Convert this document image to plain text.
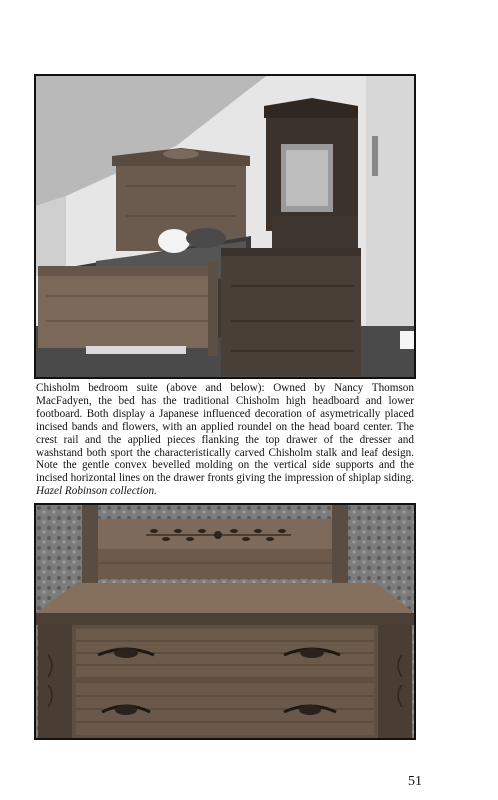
Chisholm bedroom suite (above and below): Owned by Nancy Thomson MacFadyen, the bed has the traditional Chisholm high headboard and lower footboard. Both display a Japanese influenced decoration of asymetrically placed incised bands and flowers, with an applied roundel on the head board center. The crest rail and the applied pieces flanking the top drawer of the dresser and washstand both sport the characteristically carved Chisholm stalk and leaf design. Note the gentle convex bevelled molding on the vertical side supports and the incised horizontal lines on the drawer fronts giving the impression of shiplap siding. Hazel Robinson collection.

51
